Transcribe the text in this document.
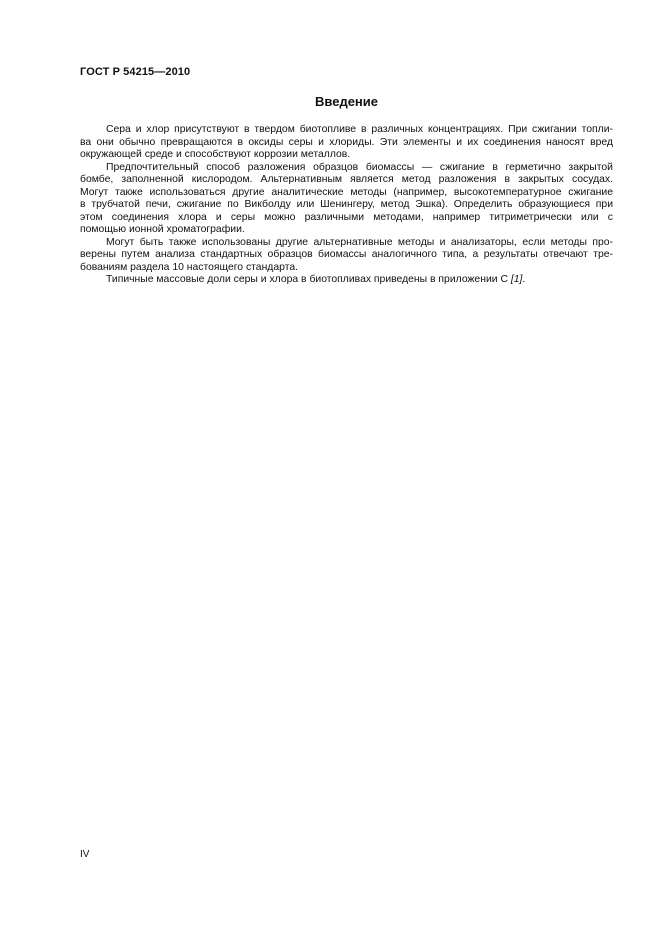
ГОСТ Р 54215—2010
Введение
Сера и хлор присутствуют в твердом биотопливе в различных концентрациях. При сжигании топли-
ва они обычно превращаются в оксиды серы и хлориды. Эти элементы и их соединения наносят вред
окружающей среде и способствуют коррозии металлов.
Предпочтительный способ разложения образцов биомассы — сжигание в герметично закрытой
бомбе, заполненной кислородом. Альтернативным является метод разложения в закрытых сосудах.
Могут также использоваться другие аналитические методы (например, высокотемпературное сжигание
в трубчатой печи, сжигание по Викболду или Шенингеру, метод Эшка). Определить образующиеся при
этом соединения хлора и серы можно различными методами, например титриметрически или с
помощью ионной хроматографии.
Могут быть также использованы другие альтернативные методы и анализаторы, если методы про-
верены путем анализа стандартных образцов биомассы аналогичного типа, а результаты отвечают тре-
бованиям раздела 10 настоящего стандарта.
Типичные массовые доли серы и хлора в биотопливах приведены в приложении С [1].
IV
